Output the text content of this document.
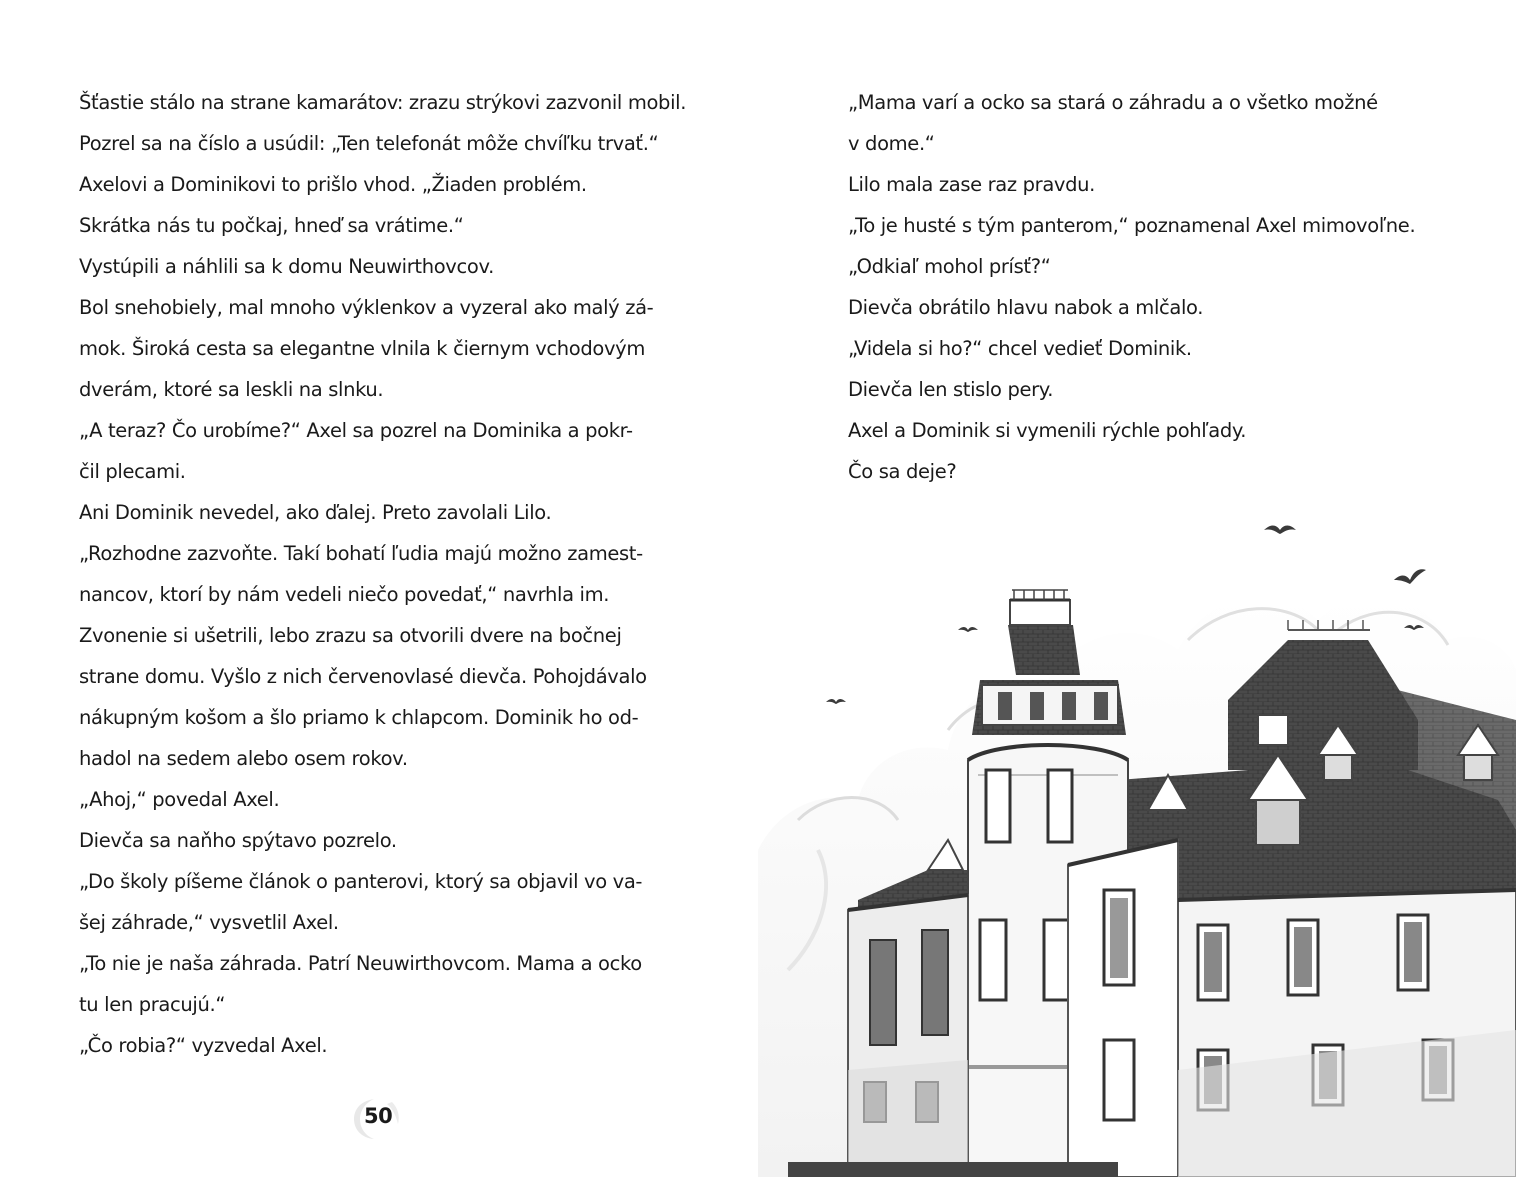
Šťastie stálo na strane kamarátov: zrazu strýkovi zazvonil mobil.
Pozrel sa na číslo a usúdil: „Ten telefonát môže chvíľku trvať.“
Axelovi a Dominikovi to prišlo vhod. „Žiaden problém.
Skrátka nás tu počkaj, hneď sa vrátime.“
Vystúpili a náhlili sa k domu Neuwirthovcov.
Bol snehobiely, mal mnoho výklenkov a vyzeral ako malý zá-
mok. Široká cesta sa elegantne vlnila k čiernym vchodovým
dverám, ktoré sa leskli na slnku.
„A teraz? Čo urobíme?“ Axel sa pozrel na Dominika a pokr-
čil plecami.
Ani Dominik nevedel, ako ďalej. Preto zavolali Lilo.
„Rozhodne zazvoňte. Takí bohatí ľudia majú možno zamest-
nancov, ktorí by nám vedeli niečo povedať,“ navrhla im.
Zvonenie si ušetrili, lebo zrazu sa otvorili dvere na bočnej
strane domu. Vyšlo z nich červenovlasé dievča. Pohojdávalo
nákupným košom a šlo priamo k chlapcom. Dominik ho od-
hadol na sedem alebo osem rokov.
„Ahoj,“ povedal Axel.
Dievča sa naňho spýtavo pozrelo.
„Do školy píšeme článok o panterovi, ktorý sa objavil vo va-
šej záhrade,“ vysvetlil Axel.
„To nie je naša záhrada. Patrí Neuwirthovcom. Mama a ocko
tu len pracujú.“
„Čo robia?“ vyzvedal Axel.
50
„Mama varí a ocko sa stará o záhradu a o všetko možné
v dome.“
Lilo mala zase raz pravdu.
„To je husté s tým panterom,“ poznamenal Axel mimovoľne.
„Odkiaľ mohol prísť?“
Dievča obrátilo hlavu nabok a mlčalo.
„Videla si ho?“ chcel vedieť Dominik.
Dievča len stislo pery.
Axel a Dominik si vymenili rýchle pohľady.
Čo sa deje?
